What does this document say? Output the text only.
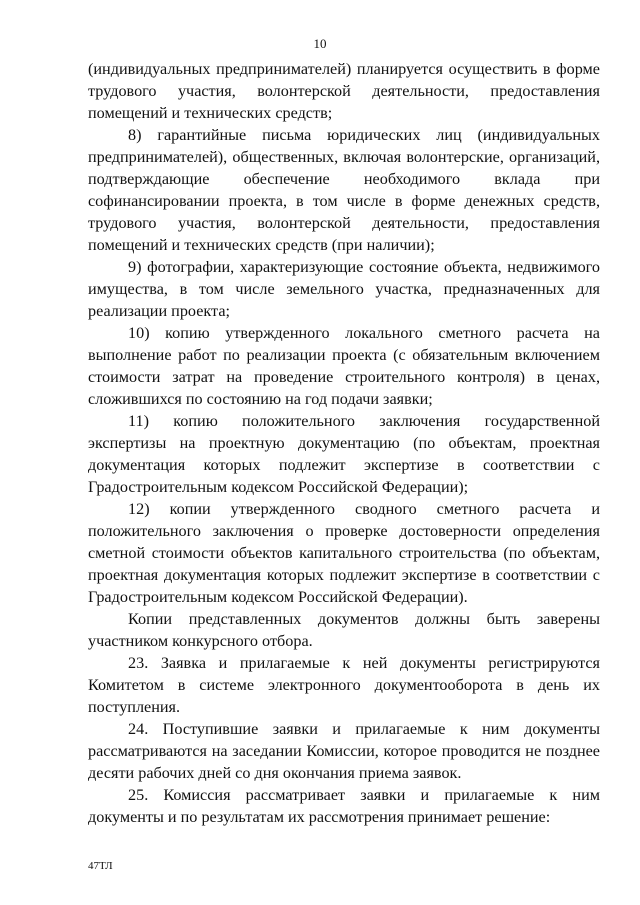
10

(индивидуальных предпринимателей) планируется осуществить в форме трудового участия, волонтерской деятельности, предоставления помещений и технических средств;

8) гарантийные письма юридических лиц (индивидуальных предпринимателей), общественных, включая волонтерские, организаций, подтверждающие обеспечение необходимого вклада при софинансировании проекта, в том числе в форме денежных средств, трудового участия, волонтерской деятельности, предоставления помещений и технических средств (при наличии);

9) фотографии, характеризующие состояние объекта, недвижимого имущества, в том числе земельного участка, предназначенных для реализации проекта;

10) копию утвержденного локального сметного расчета на выполнение работ по реализации проекта (с обязательным включением стоимости затрат на проведение строительного контроля) в ценах, сложившихся по состоянию на год подачи заявки;

11) копию положительного заключения государственной экспертизы на проектную документацию (по объектам, проектная документация которых подлежит экспертизе в соответствии с Градостроительным кодексом Российской Федерации);

12) копии утвержденного сводного сметного расчета и положительного заключения о проверке достоверности определения сметной стоимости объектов капитального строительства (по объектам, проектная документация которых подлежит экспертизе в соответствии с Градостроительным кодексом Российской Федерации).

Копии представленных документов должны быть заверены участником конкурсного отбора.

23. Заявка и прилагаемые к ней документы регистрируются Комитетом в системе электронного документооборота в день их поступления.

24. Поступившие заявки и прилагаемые к ним документы рассматриваются на заседании Комиссии, которое проводится не позднее десяти рабочих дней со дня окончания приема заявок.

25. Комиссия рассматривает заявки и прилагаемые к ним документы и по результатам их рассмотрения принимает решение:

47ТЛ
